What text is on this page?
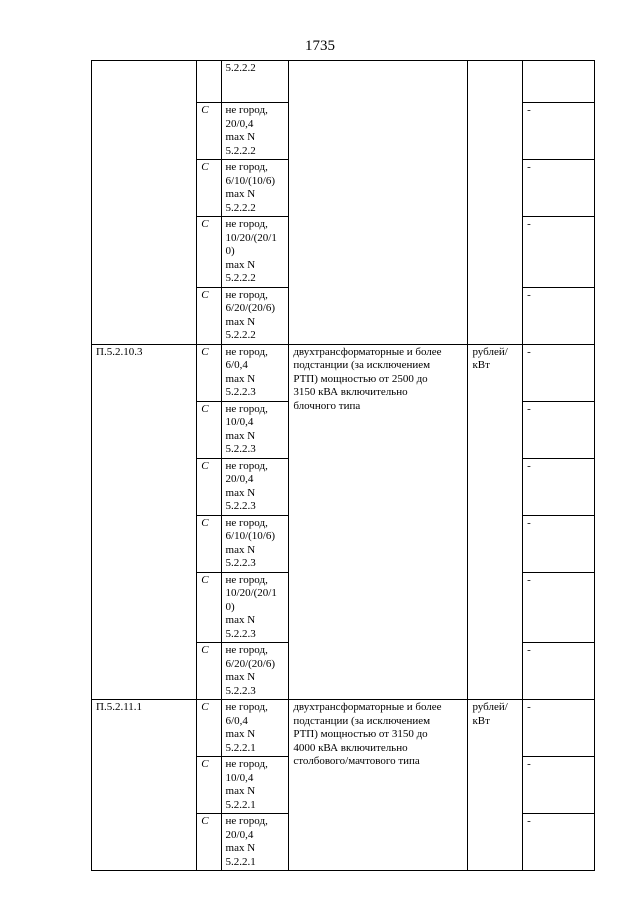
1735

		5.2.2.2			

	С	не город,
20/0,4
max N
5.2.2.2			-
	С	не город,
6/10/(10/6)
max N
5.2.2.2			-
	С	не город,
10/20/(20/1
0)
max N
5.2.2.2			-
	С	не город,
6/20/(20/6)
max N
5.2.2.2			-
П.5.2.10.3	С	не город,
6/0,4
max N
5.2.2.3	двухтрансформаторные и более
подстанции (за исключением
РТП) мощностью от 2500 до
3150 кВА включительно
блочного типа	рублей/
кВт	-
	С	не город,
10/0,4
max N
5.2.2.3			-
	С	не город,
20/0,4
max N
5.2.2.3			-
	С	не город,
6/10/(10/6)
max N
5.2.2.3			-
	С	не город,
10/20/(20/1
0)
max N
5.2.2.3			-
	С	не город,
6/20/(20/6)
max N
5.2.2.3			-
П.5.2.11.1	С	не город,
6/0,4
max N
5.2.2.1	двухтрансформаторные и более
подстанции (за исключением
РТП) мощностью от 3150 до
4000 кВА включительно
столбового/мачтового типа	рублей/
кВт	-
	С	не город,
10/0,4
max N
5.2.2.1			-
	С	не город,
20/0,4
max N
5.2.2.1			-
